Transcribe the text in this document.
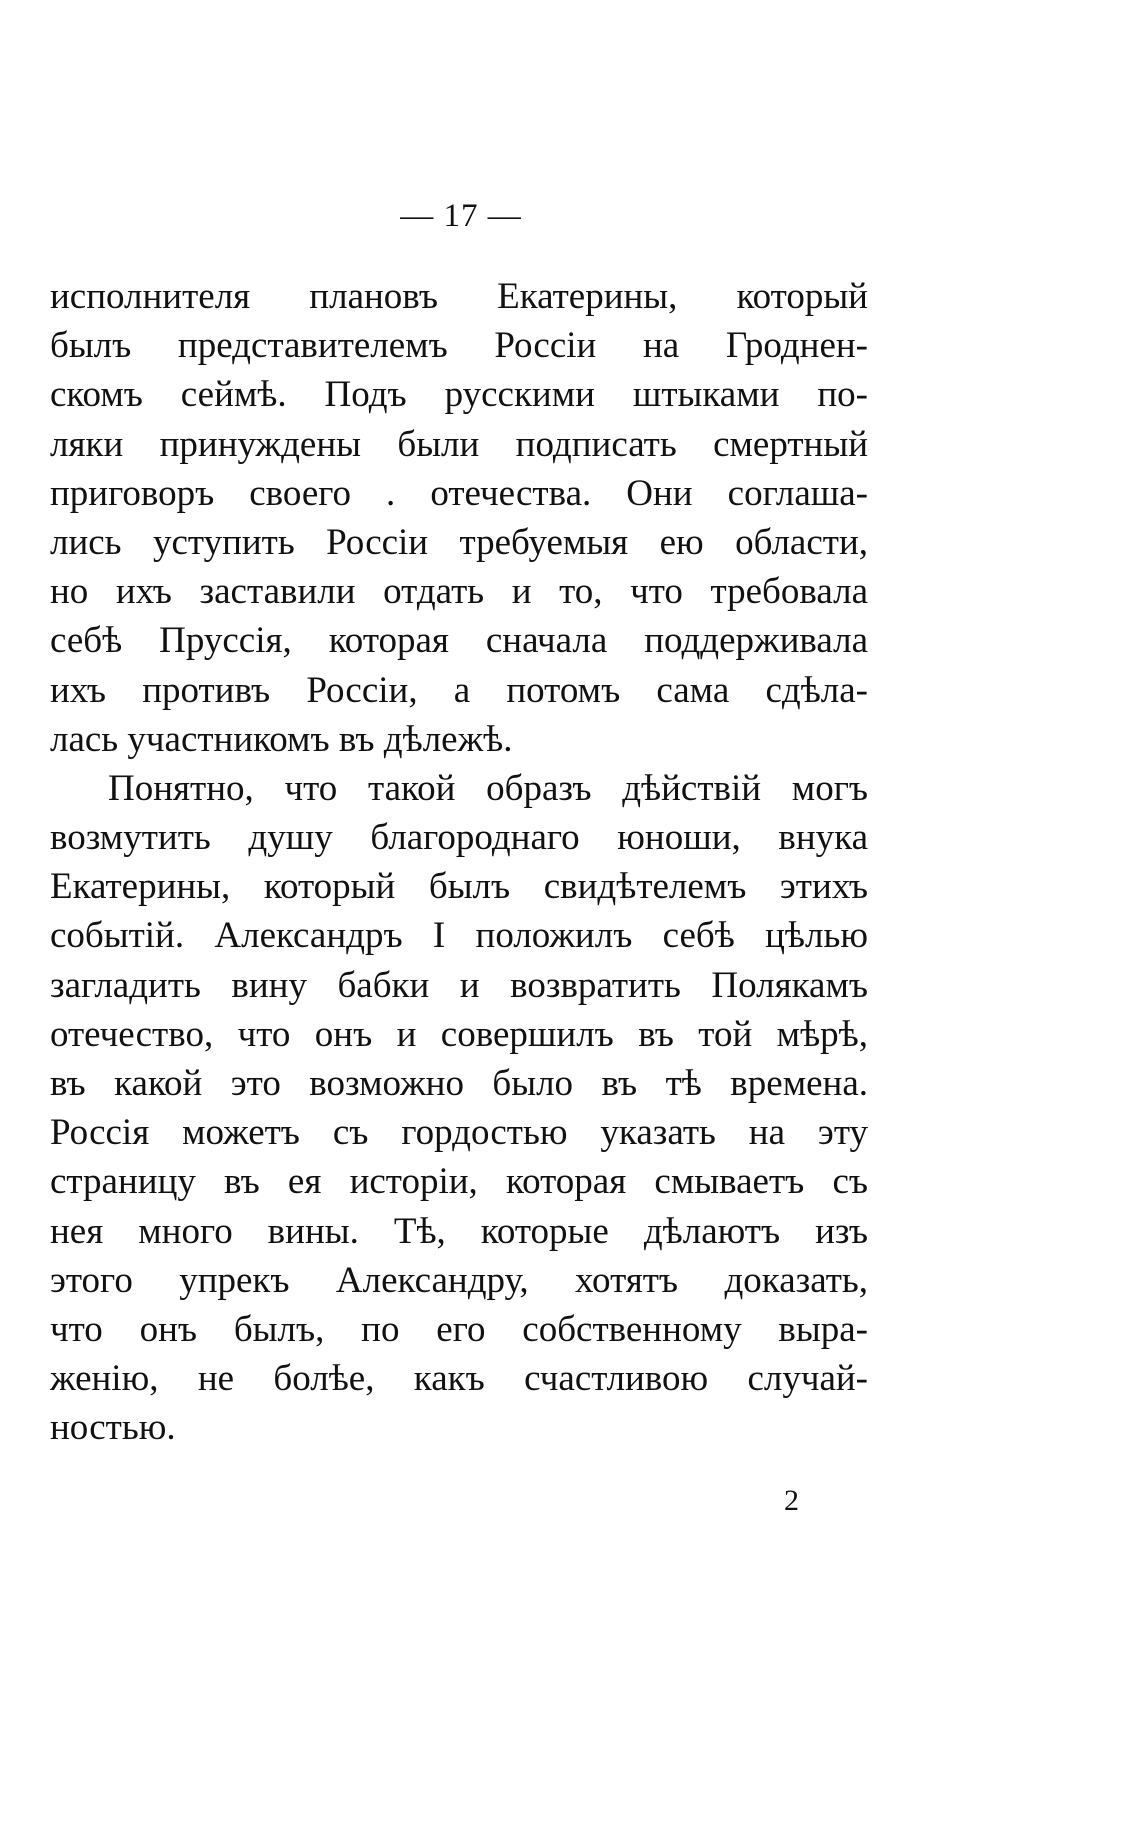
— 17 —
исполнителя плановъ Екатерины, который
былъ представителемъ Россіи на Гроднен-
скомъ сеймѣ. Подъ русскими штыками по-
ляки принуждены были подписать смертный
приговоръ своего . отечества. Они соглаша-
лись уступить Россіи требуемыя ею области,
но ихъ заставили отдать и то, что требовала
себѣ Пруссія, которая сначала поддерживала
ихъ противъ Россіи, а потомъ сама сдѣла-
лась участникомъ въ дѣлежѣ.
Понятно, что такой образъ дѣйствій могъ
возмутить душу благороднаго юноши, внука
Екатерины, который былъ свидѣтелемъ этихъ
событій. Александръ I положилъ себѣ цѣлью
загладить вину бабки и возвратить Полякамъ
отечество, что онъ и совершилъ въ той мѣрѣ,
въ какой это возможно было въ тѣ времена.
Россія можетъ съ гордостью указать на эту
страницу въ ея исторіи, которая смываетъ съ
нея много вины. Тѣ, которые дѣлаютъ изъ
этого упрекъ Александру, хотятъ доказать,
что онъ былъ, по его собственному выра-
женію, не болѣе, какъ счастливою случай-
ностью.
2
